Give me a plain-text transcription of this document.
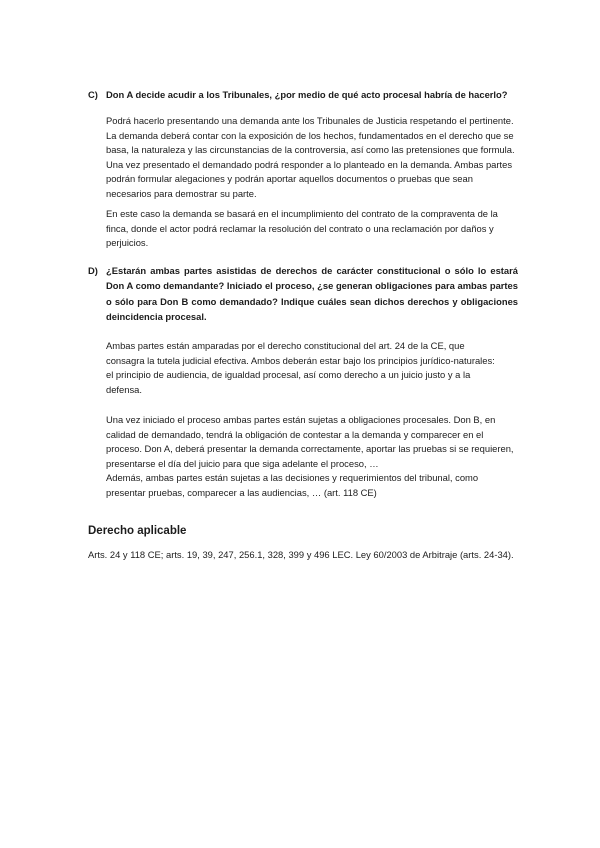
C) Don A decide acudir a los Tribunales, ¿por medio de qué acto procesal habría de hacerlo?

Podrá hacerlo presentando una demanda ante los Tribunales de Justicia respetando el pertinente. La demanda deberá contar con la exposición de los hechos, fundamentados en el derecho que se basa, la naturaleza y las circunstancias de la controversia, así como las pretensiones que formula. Una vez presentado el demandado podrá responder a lo planteado en la demanda. Ambas partes podrán formular alegaciones y podrán aportar aquellos documentos o pruebas que sean necesarios para demostrar su parte.

En este caso la demanda se basará en el incumplimiento del contrato de la compraventa de la finca, donde el actor podrá reclamar la resolución del contrato o una reclamación por daños y perjuicios.

D) ¿Estarán ambas partes asistidas de derechos de carácter constitucional o sólo lo estará Don A como demandante? Iniciado el proceso, ¿se generan obligaciones para ambas partes o sólo para Don B como demandado? Indique cuáles sean dichos derechos y obligaciones deincidencia procesal.

Ambas partes están amparadas por el derecho constitucional del art. 24 de la CE, que consagra la tutela judicial efectiva. Ambos deberán estar bajo los principios jurídico-naturales: el principio de audiencia, de igualdad procesal, así como derecho a un juicio justo y a la defensa.

Una vez iniciado el proceso ambas partes están sujetas a obligaciones procesales. Don B, en calidad de demandado, tendrá la obligación de contestar a la demanda y comparecer en el proceso. Don A, deberá presentar la demanda correctamente, aportar las pruebas si se requieren, presentarse el día del juicio para que siga adelante el proceso, …

Además, ambas partes están sujetas a las decisiones y requerimientos del tribunal, como presentar pruebas, comparecer a las audiencias, … (art. 118 CE)

Derecho aplicable
Arts. 24 y 118 CE; arts. 19, 39, 247, 256.1, 328, 399 y 496 LEC. Ley 60/2003 de Arbitraje (arts. 24-34).
